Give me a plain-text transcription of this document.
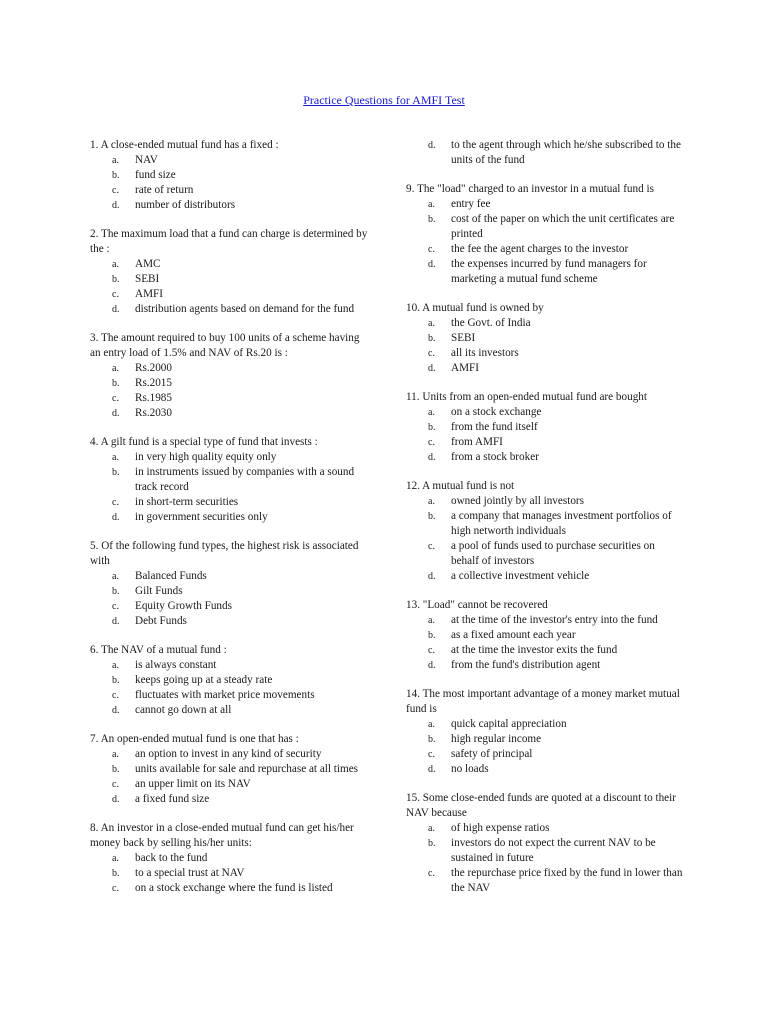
Practice Questions for AMFI Test
1. A close-ended mutual fund has a fixed :
a.	NAV
b.	fund size
c.	rate of return
d.	number of distributors
2. The maximum load that a fund can charge is determined by the :
a.	AMC
b.	SEBI
c.	AMFI
d.	distribution agents based on demand for the fund
3. The amount required to buy 100 units of a scheme having an entry load of 1.5% and NAV of Rs.20 is :
a.	Rs.2000
b.	Rs.2015
c.	Rs.1985
d.	Rs.2030
4. A gilt fund is a special type of fund that invests :
a.	in very high quality equity only
b.	in instruments issued by companies with a sound track record
c.	in short-term securities
d.	in government securities only
5. Of the following fund types, the highest risk is associated with
a.	Balanced Funds
b.	Gilt Funds
c.	Equity Growth Funds
d.	Debt Funds
6. The NAV of a mutual fund :
a.	is always constant
b.	keeps going up at a steady rate
c.	fluctuates with market price movements
d.	cannot go down at all
7. An open-ended mutual fund is one that has :
a.	an option to invest in any kind of security
b.	units available for sale and repurchase at all times
c.	an upper limit on its NAV
d.	a fixed fund size
8. An investor in a close-ended mutual fund can get his/her money back by selling his/her units:
a.	back to the fund
b.	to a special trust at NAV
c.	on a stock exchange where the fund is listed
d.	to the agent through which he/she subscribed to the units of the fund
9. The "load" charged to an investor in a mutual fund is
a.	entry fee
b.	cost of the paper on which the unit certificates are printed
c.	the fee the agent charges to the investor
d.	the expenses incurred by fund managers for marketing a mutual fund scheme
10. A mutual fund is owned by
a.	the Govt. of India
b.	SEBI
c.	all its investors
d.	AMFI
11. Units from an open-ended mutual fund are bought
a.	on a stock exchange
b.	from the fund itself
c.	from AMFI
d.	from a stock broker
12. A mutual fund is not
a.	owned jointly by all investors
b.	a company that manages investment portfolios of high networth individuals
c.	a pool of funds used to purchase securities on behalf of investors
d.	a collective investment vehicle
13. "Load" cannot be recovered
a.	at the time of the investor's entry into the fund
b.	as a fixed amount each year
c.	at the time the investor exits the fund
d.	from the fund's distribution agent
14. The most important advantage of a money market mutual fund is
a.	quick capital appreciation
b.	high regular income
c.	safety of principal
d.	no loads
15. Some close-ended funds are quoted at a discount to their NAV because
a.	of high expense ratios
b.	investors do not expect the current NAV to be sustained in future
c.	the repurchase price fixed by the fund in lower than the NAV
